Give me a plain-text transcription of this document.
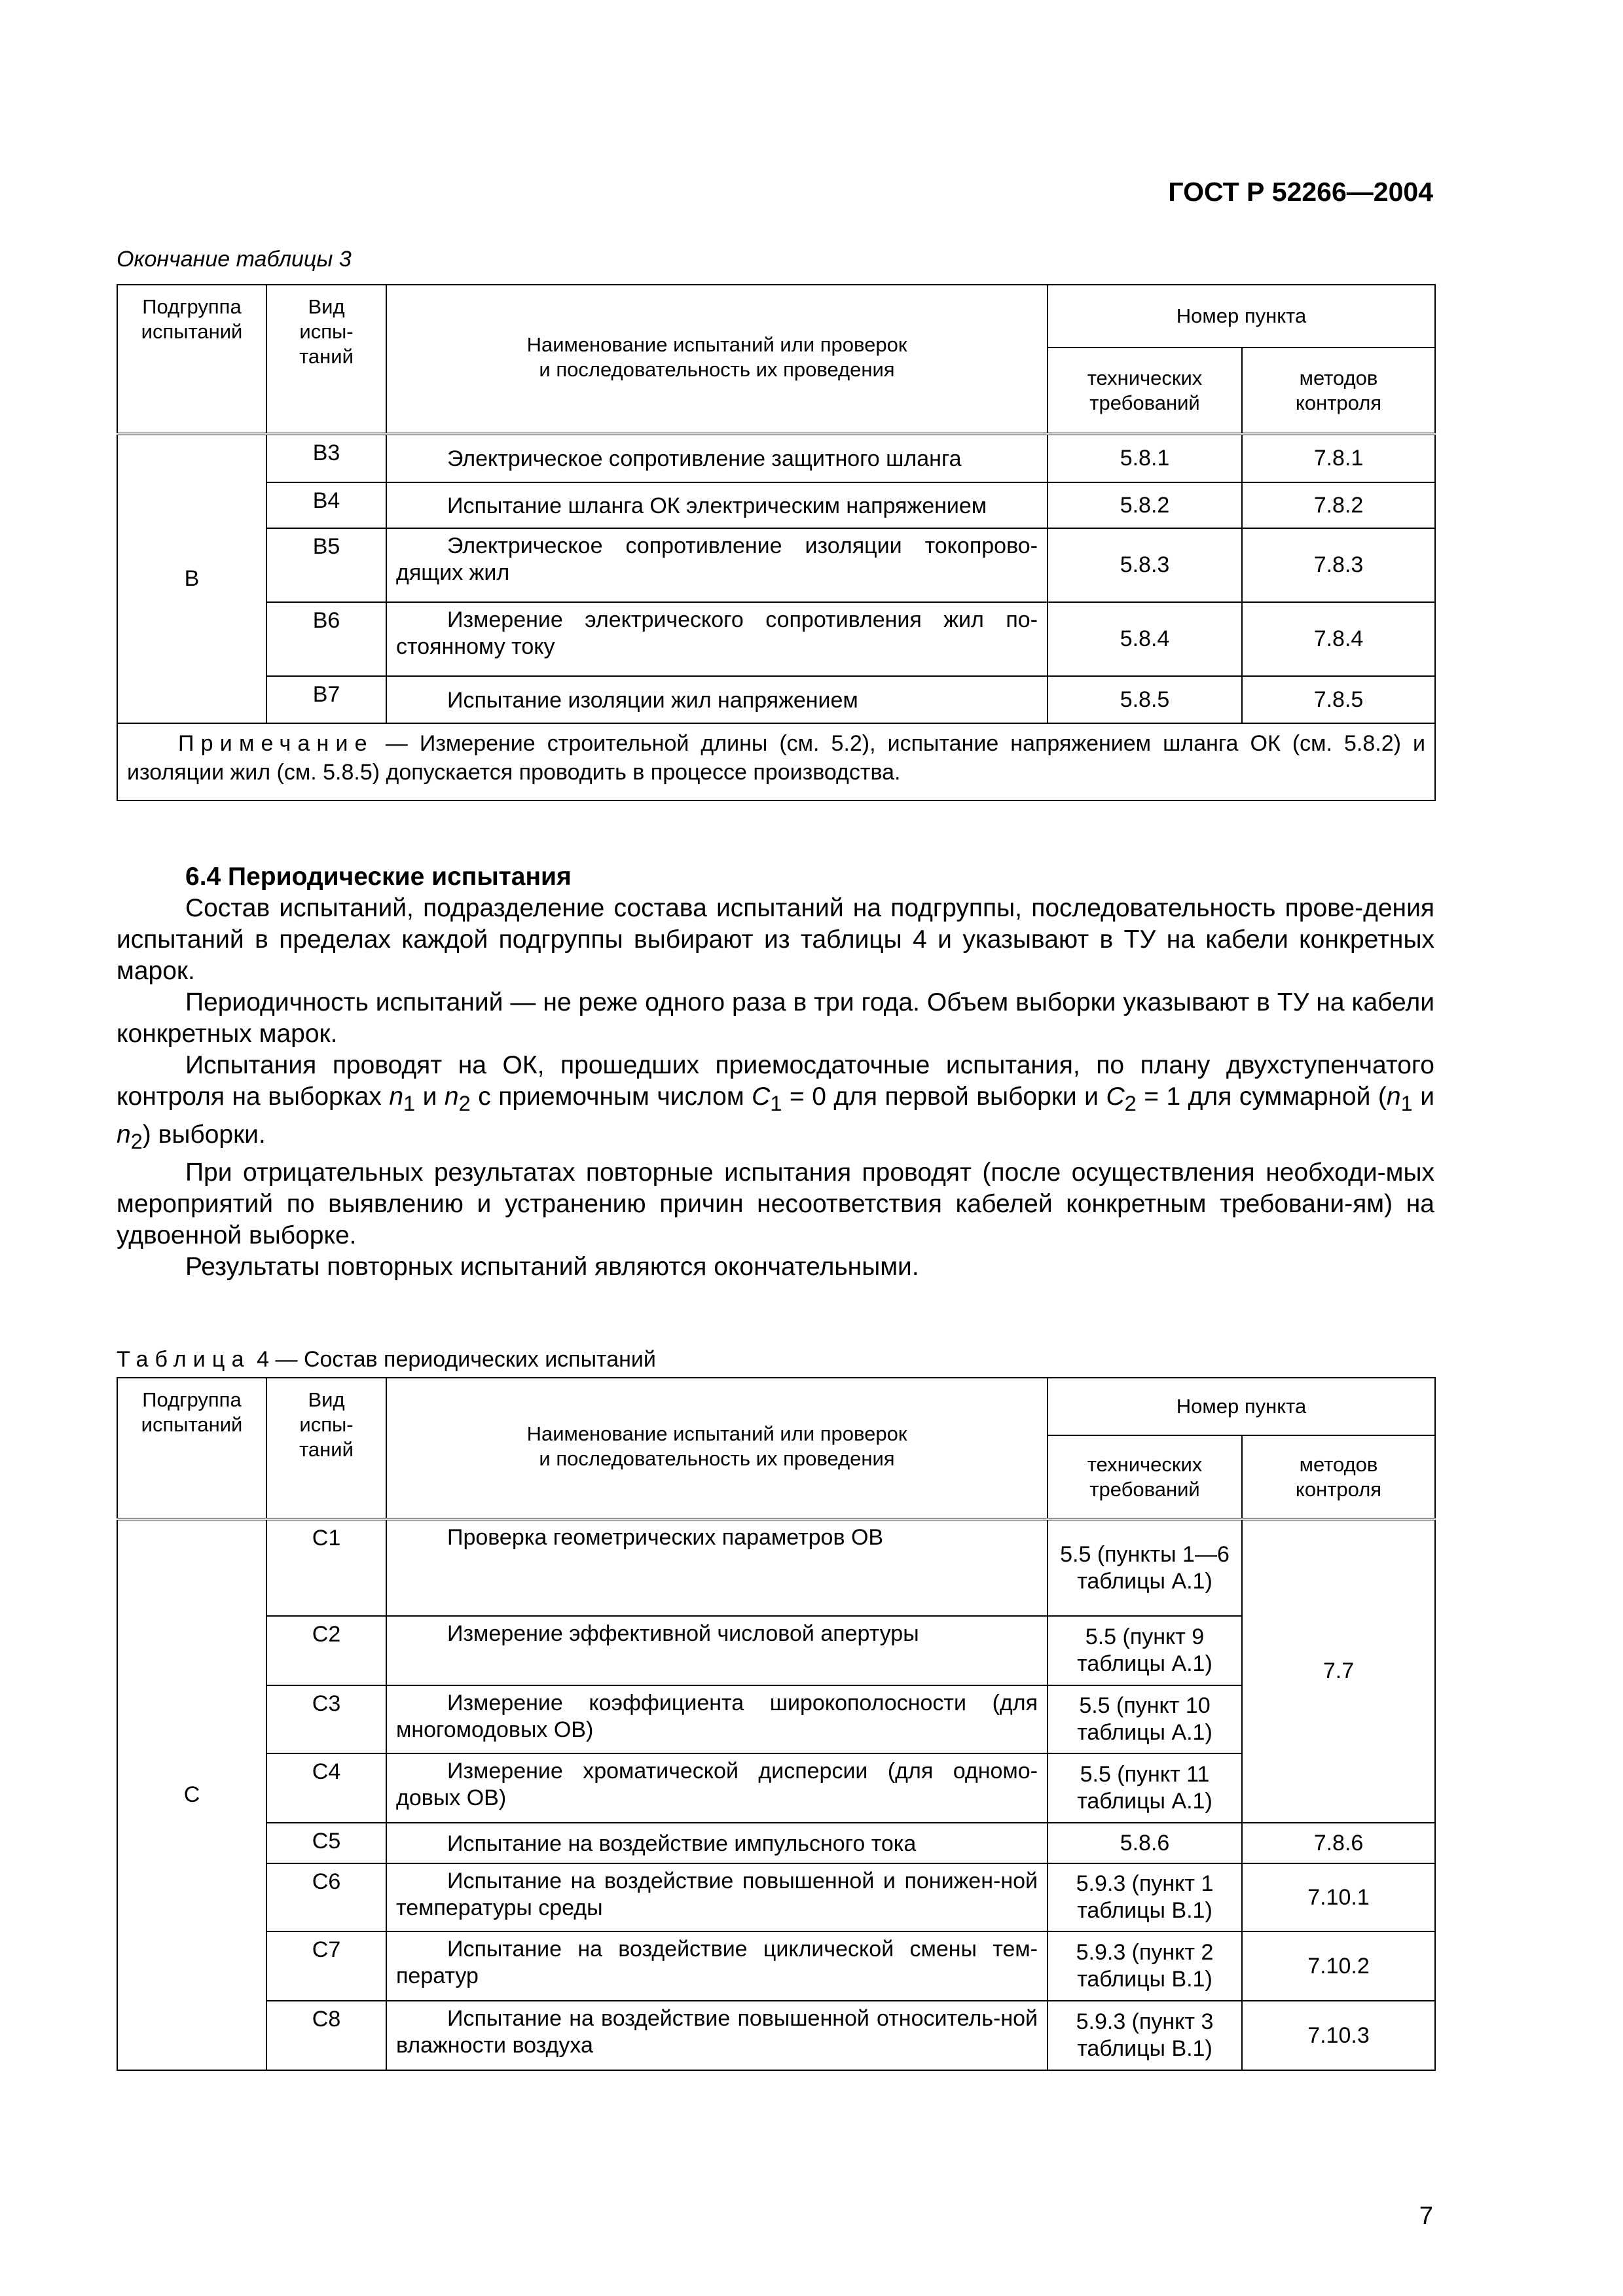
ГОСТ Р 52266—2004
Окончание таблицы 3
Подгруппа испытаний	Вид
испы-
таний	Наименование испытаний или проверок
и последовательность их проведения	Номер пункта	
			технических
требований	методов
контроля
В	В3	Электрическое сопротивление защитного шланга	5.8.1	7.8.1
	В4	Испытание шланга ОК электрическим напряжением	5.8.2	7.8.2
	В5	Электрическое сопротивление изоляции токопрово-дящих жил	5.8.3	7.8.3
	В6	Измерение электрического сопротивления жил по-стоянному току	5.8.4	7.8.4
	В7	Испытание изоляции жил напряжением	5.8.5	7.8.5
Примечание — Измерение строительной длины (см. 5.2), испытание напряжением шланга ОК (см. 5.8.2) и изоляции жил (см. 5.8.5) допускается проводить в процессе производства.				

6.4 Периодические испытания

Состав испытаний, подразделение состава испытаний на подгруппы, последовательность прове-дения испытаний в пределах каждой подгруппы выбирают из таблицы 4 и указывают в ТУ на кабели конкретных марок.

Периодичность испытаний — не реже одного раза в три года. Объем выборки указывают в ТУ на кабели конкретных марок.

Испытания проводят на ОК, прошедших приемосдаточные испытания, по плану двухступенчатого контроля на выборках $n_1$ и $n_2$ с приемочным числом $C_1 = 0$ для первой выборки и $C_2 = 1$ для суммарной ($n_1$ и $n_2$) выборки.

При отрицательных результатах повторные испытания проводят (после осуществления необходи-мых мероприятий по выявлению и устранению причин несоответствия кабелей конкретным требовани-ям) на удвоенной выборке.

Результаты повторных испытаний являются окончательными.

Таблица 4 — Состав периодических испытаний
Подгруппа испытаний	Вид
испы-
таний	Наименование испытаний или проверок
и последовательность их проведения	Номер пункта	
			технических
требований	методов
контроля
С	С1	Проверка геометрических параметров ОВ	5.5 (пункты 1—6 таблицы А.1)	7.7
	С2	Измерение эффективной числовой апертуры	5.5 (пункт 9 таблицы А.1)	
	С3	Измерение коэффициента широкополосности (для многомодовых ОВ)	5.5 (пункт 10 таблицы А.1)	
	С4	Измерение хроматической дисперсии (для одномо-довых ОВ)	5.5 (пункт 11 таблицы А.1)	
	С5	Испытание на воздействие импульсного тока	5.8.6	7.8.6
	С6	Испытание на воздействие повышенной и понижен-ной температуры среды	5.9.3 (пункт 1 таблицы В.1)	7.10.1
	С7	Испытание на воздействие циклической смены тем-ператур	5.9.3 (пункт 2 таблицы В.1)	7.10.2
	С8	Испытание на воздействие повышенной относитель-ной влажности воздуха	5.9.3 (пункт 3 таблицы В.1)	7.10.3
7
